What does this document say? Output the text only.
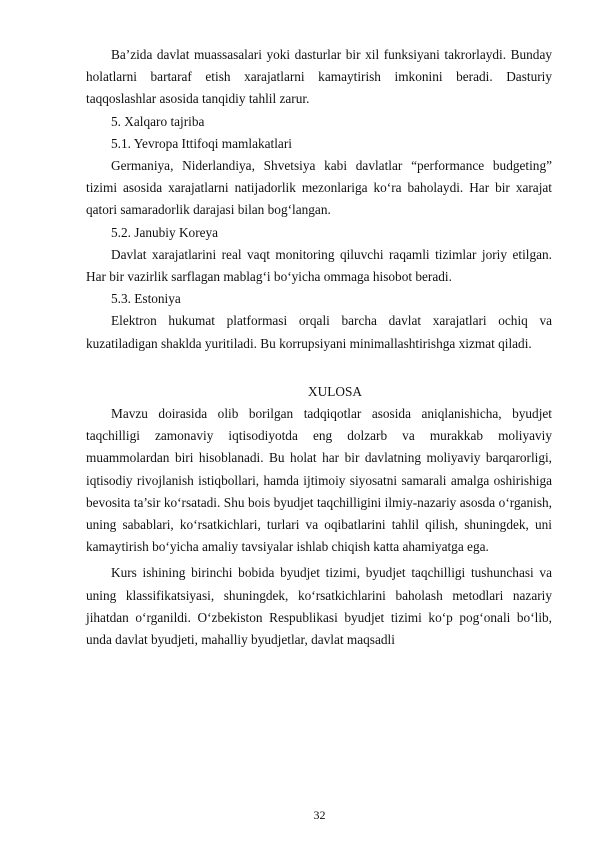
Ba’zida davlat muassasalari yoki dasturlar bir xil funksiyani takrorlaydi. Bunday holatlarni bartaraf etish xarajatlarni kamaytirish imkonini beradi. Dasturiy taqqoslashlar asosida tanqidiy tahlil zarur.

5. Xalqaro tajriba

5.1. Yevropa Ittifoqi mamlakatlari

Germaniya, Niderlandiya, Shvetsiya kabi davlatlar “performance budgeting” tizimi asosida xarajatlarni natijadorlik mezonlariga ko‘ra baholaydi. Har bir xarajat qatori samaradorlik darajasi bilan bog‘langan.

5.2. Janubiy Koreya

Davlat xarajatlarini real vaqt monitoring qiluvchi raqamli tizimlar joriy etilgan. Har bir vazirlik sarflagan mablag‘i bo‘yicha ommaga hisobot beradi.

5.3. Estoniya

Elektron hukumat platformasi orqali barcha davlat xarajatlari ochiq va kuzatiladigan shaklda yuritiladi. Bu korrupsiyani minimallashtirishga xizmat qiladi.

XULOSA

Mavzu doirasida olib borilgan tadqiqotlar asosida aniqlanishicha, byudjet taqchilligi zamonaviy iqtisodiyotda eng dolzarb va murakkab moliyaviy muammolardan biri hisoblanadi. Bu holat har bir davlatning moliyaviy barqarorligi, iqtisodiy rivojlanish istiqbollari, hamda ijtimoiy siyosatni samarali amalga oshirishiga bevosita ta’sir ko‘rsatadi. Shu bois byudjet taqchilligini ilmiy-nazariy asosda o‘rganish, uning sabablari, ko‘rsatkichlari, turlari va oqibatlarini tahlil qilish, shuningdek, uni kamaytirish bo‘yicha amaliy tavsiyalar ishlab chiqish katta ahamiyatga ega.

Kurs ishining birinchi bobida byudjet tizimi, byudjet taqchilligi tushunchasi va uning klassifikatsiyasi, shuningdek, ko‘rsatkichlarini baholash metodlari nazariy jihatdan o‘rganildi. O‘zbekiston Respublikasi byudjet tizimi ko‘p pog‘onali bo‘lib, unda davlat byudjeti, mahalliy byudjetlar, davlat maqsadli

32
